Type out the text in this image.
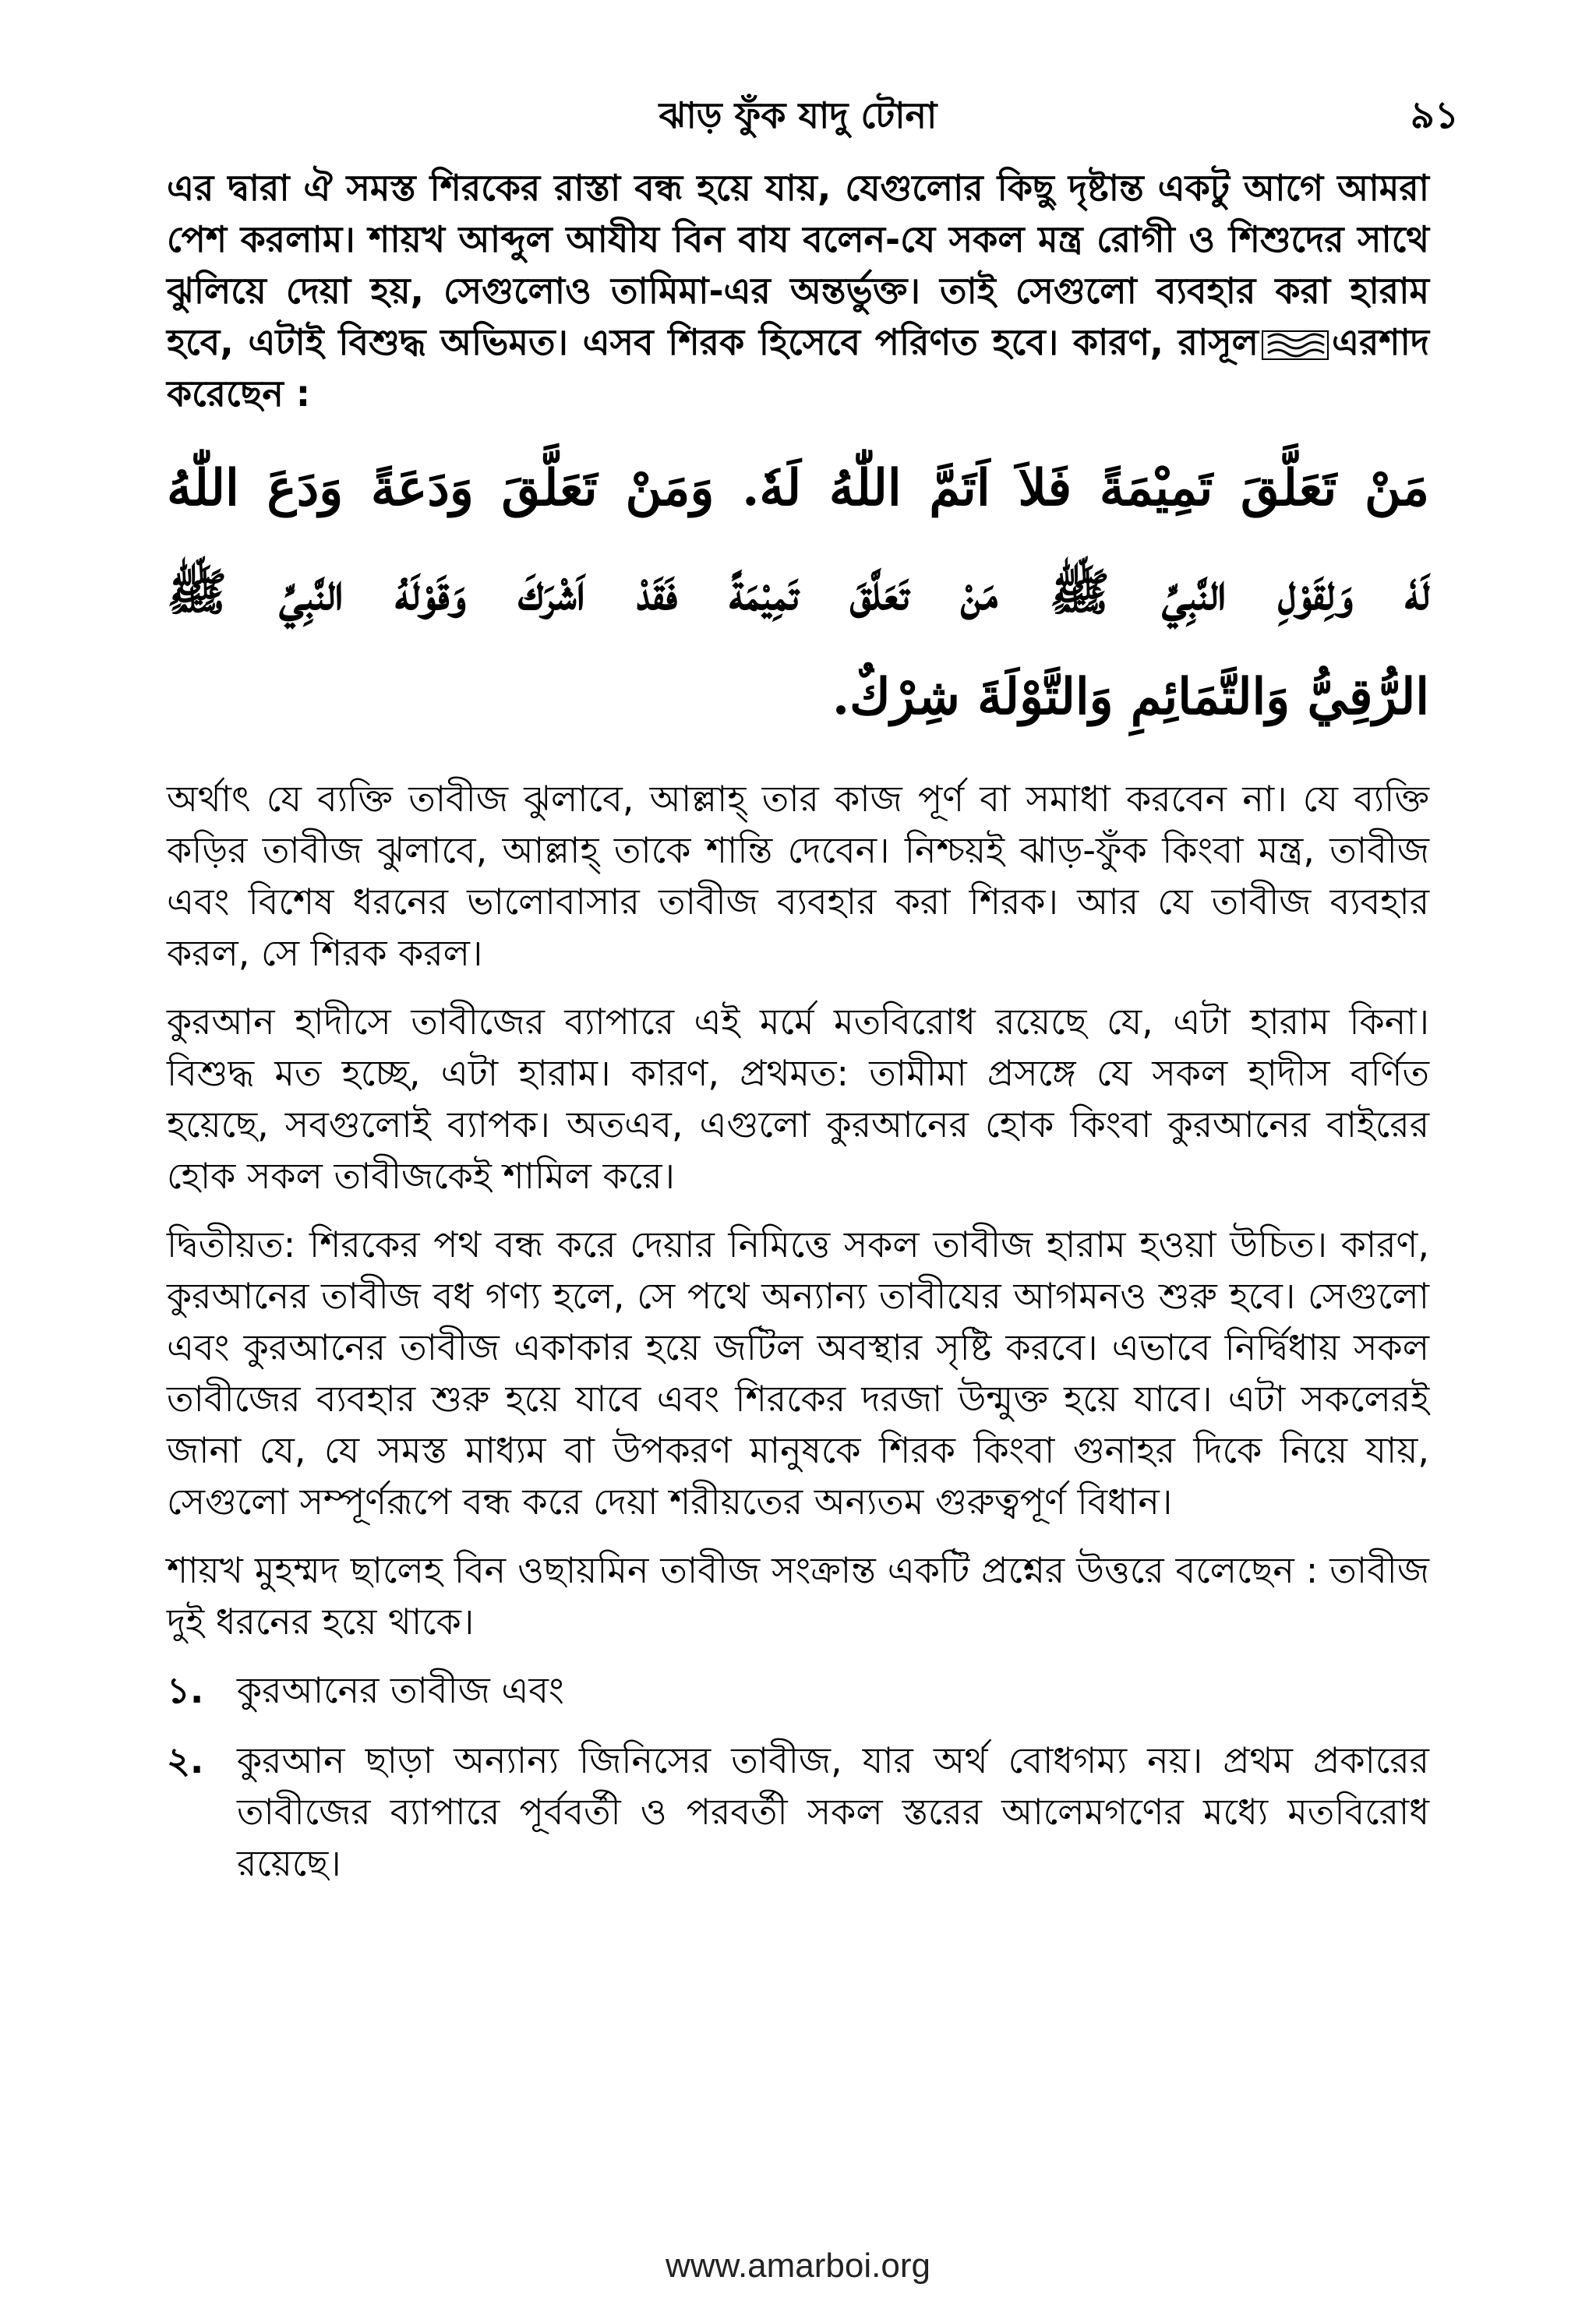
ঝাড় ফুঁক যাদু টোনা	৯১

এর দ্বারা ঐ সমস্ত শিরকের রাস্তা বন্ধ হয়ে যায়, যেগুলোর কিছু দৃষ্টান্ত একটু আগে আমরা পেশ করলাম। শায়খ আব্দুল আযীয বিন বায বলেন-যে সকল মন্ত্র রোগী ও শিশুদের সাথে ঝুলিয়ে দেয়া হয়, সেগুলোও তামিমা-এর অন্তর্ভুক্ত। তাই সেগুলো ব্যবহার করা হারাম হবে, এটাই বিশুদ্ধ অভিমত। এসব শিরক হিসেবে পরিণত হবে। কারণ, রাসূল এরশাদ করেছেন :

مَنْ تَعَلَّقَ تَمِيْمَةً فَلاَ اَتَمَّ اللّٰهُ لَهٗ. وَمَنْ تَعَلَّقَ وَدَعَةً وَدَعَ اللّٰهُ
لَهٗ وَلِقَوْلِ النَّبِيِّ ﷺ مَنْ تَعَلَّقَ تَمِيْمَةً فَقَدْ اَشْرَكَ وَقَوْلَهُ النَّبِيِّ ﷺ
الرُّقِيُّ وَالتَّمَائِمِ وَالتَّوْلَةَ شِرْكٌ.

অর্থাৎ যে ব্যক্তি তাবীজ ঝুলাবে, আল্লাহ্ তার কাজ পূর্ণ বা সমাধা করবেন না। যে ব্যক্তি কড়ির তাবীজ ঝুলাবে, আল্লাহ্ তাকে শান্তি দেবেন। নিশ্চয়ই ঝাড়-ফুঁক কিংবা মন্ত্র, তাবীজ এবং বিশেষ ধরনের ভালোবাসার তাবীজ ব্যবহার করা শিরক। আর যে তাবীজ ব্যবহার করল, সে শিরক করল।

কুরআন হাদীসে তাবীজের ব্যাপারে এই মর্মে মতবিরোধ রয়েছে যে, এটা হারাম কিনা। বিশুদ্ধ মত হচ্ছে, এটা হারাম। কারণ, প্রথমত: তামীমা প্রসঙ্গে যে সকল হাদীস বর্ণিত হয়েছে, সবগুলোই ব্যাপক। অতএব, এগুলো কুরআনের হোক কিংবা কুরআনের বাইরের হোক সকল তাবীজকেই শামিল করে।

দ্বিতীয়ত: শিরকের পথ বন্ধ করে দেয়ার নিমিত্তে সকল তাবীজ হারাম হওয়া উচিত। কারণ, কুরআনের তাবীজ বধ গণ্য হলে, সে পথে অন্যান্য তাবীযের আগমনও শুরু হবে। সেগুলো এবং কুরআনের তাবীজ একাকার হয়ে জটিল অবস্থার সৃষ্টি করবে। এভাবে নির্দ্বিধায় সকল তাবীজের ব্যবহার শুরু হয়ে যাবে এবং শিরকের দরজা উন্মুক্ত হয়ে যাবে। এটা সকলেরই জানা যে, যে সমস্ত মাধ্যম বা উপকরণ মানুষকে শিরক কিংবা গুনাহর দিকে নিয়ে যায়, সেগুলো সম্পূর্ণরূপে বন্ধ করে দেয়া শরীয়তের অন্যতম গুরুত্বপূর্ণ বিধান।

শায়খ মুহম্মদ ছালেহ বিন ওছায়মিন তাবীজ সংক্রান্ত একটি প্রশ্নের উত্তরে বলেছেন : তাবীজ দুই ধরনের হয়ে থাকে।

১. কুরআনের তাবীজ এবং
২. কুরআন ছাড়া অন্যান্য জিনিসের তাবীজ, যার অর্থ বোধগম্য নয়। প্রথম প্রকারের তাবীজের ব্যাপারে পূর্ববর্তী ও পরবর্তী সকল স্তরের আলেমগণের মধ্যে মতবিরোধ রয়েছে।
www.amarboi.org
